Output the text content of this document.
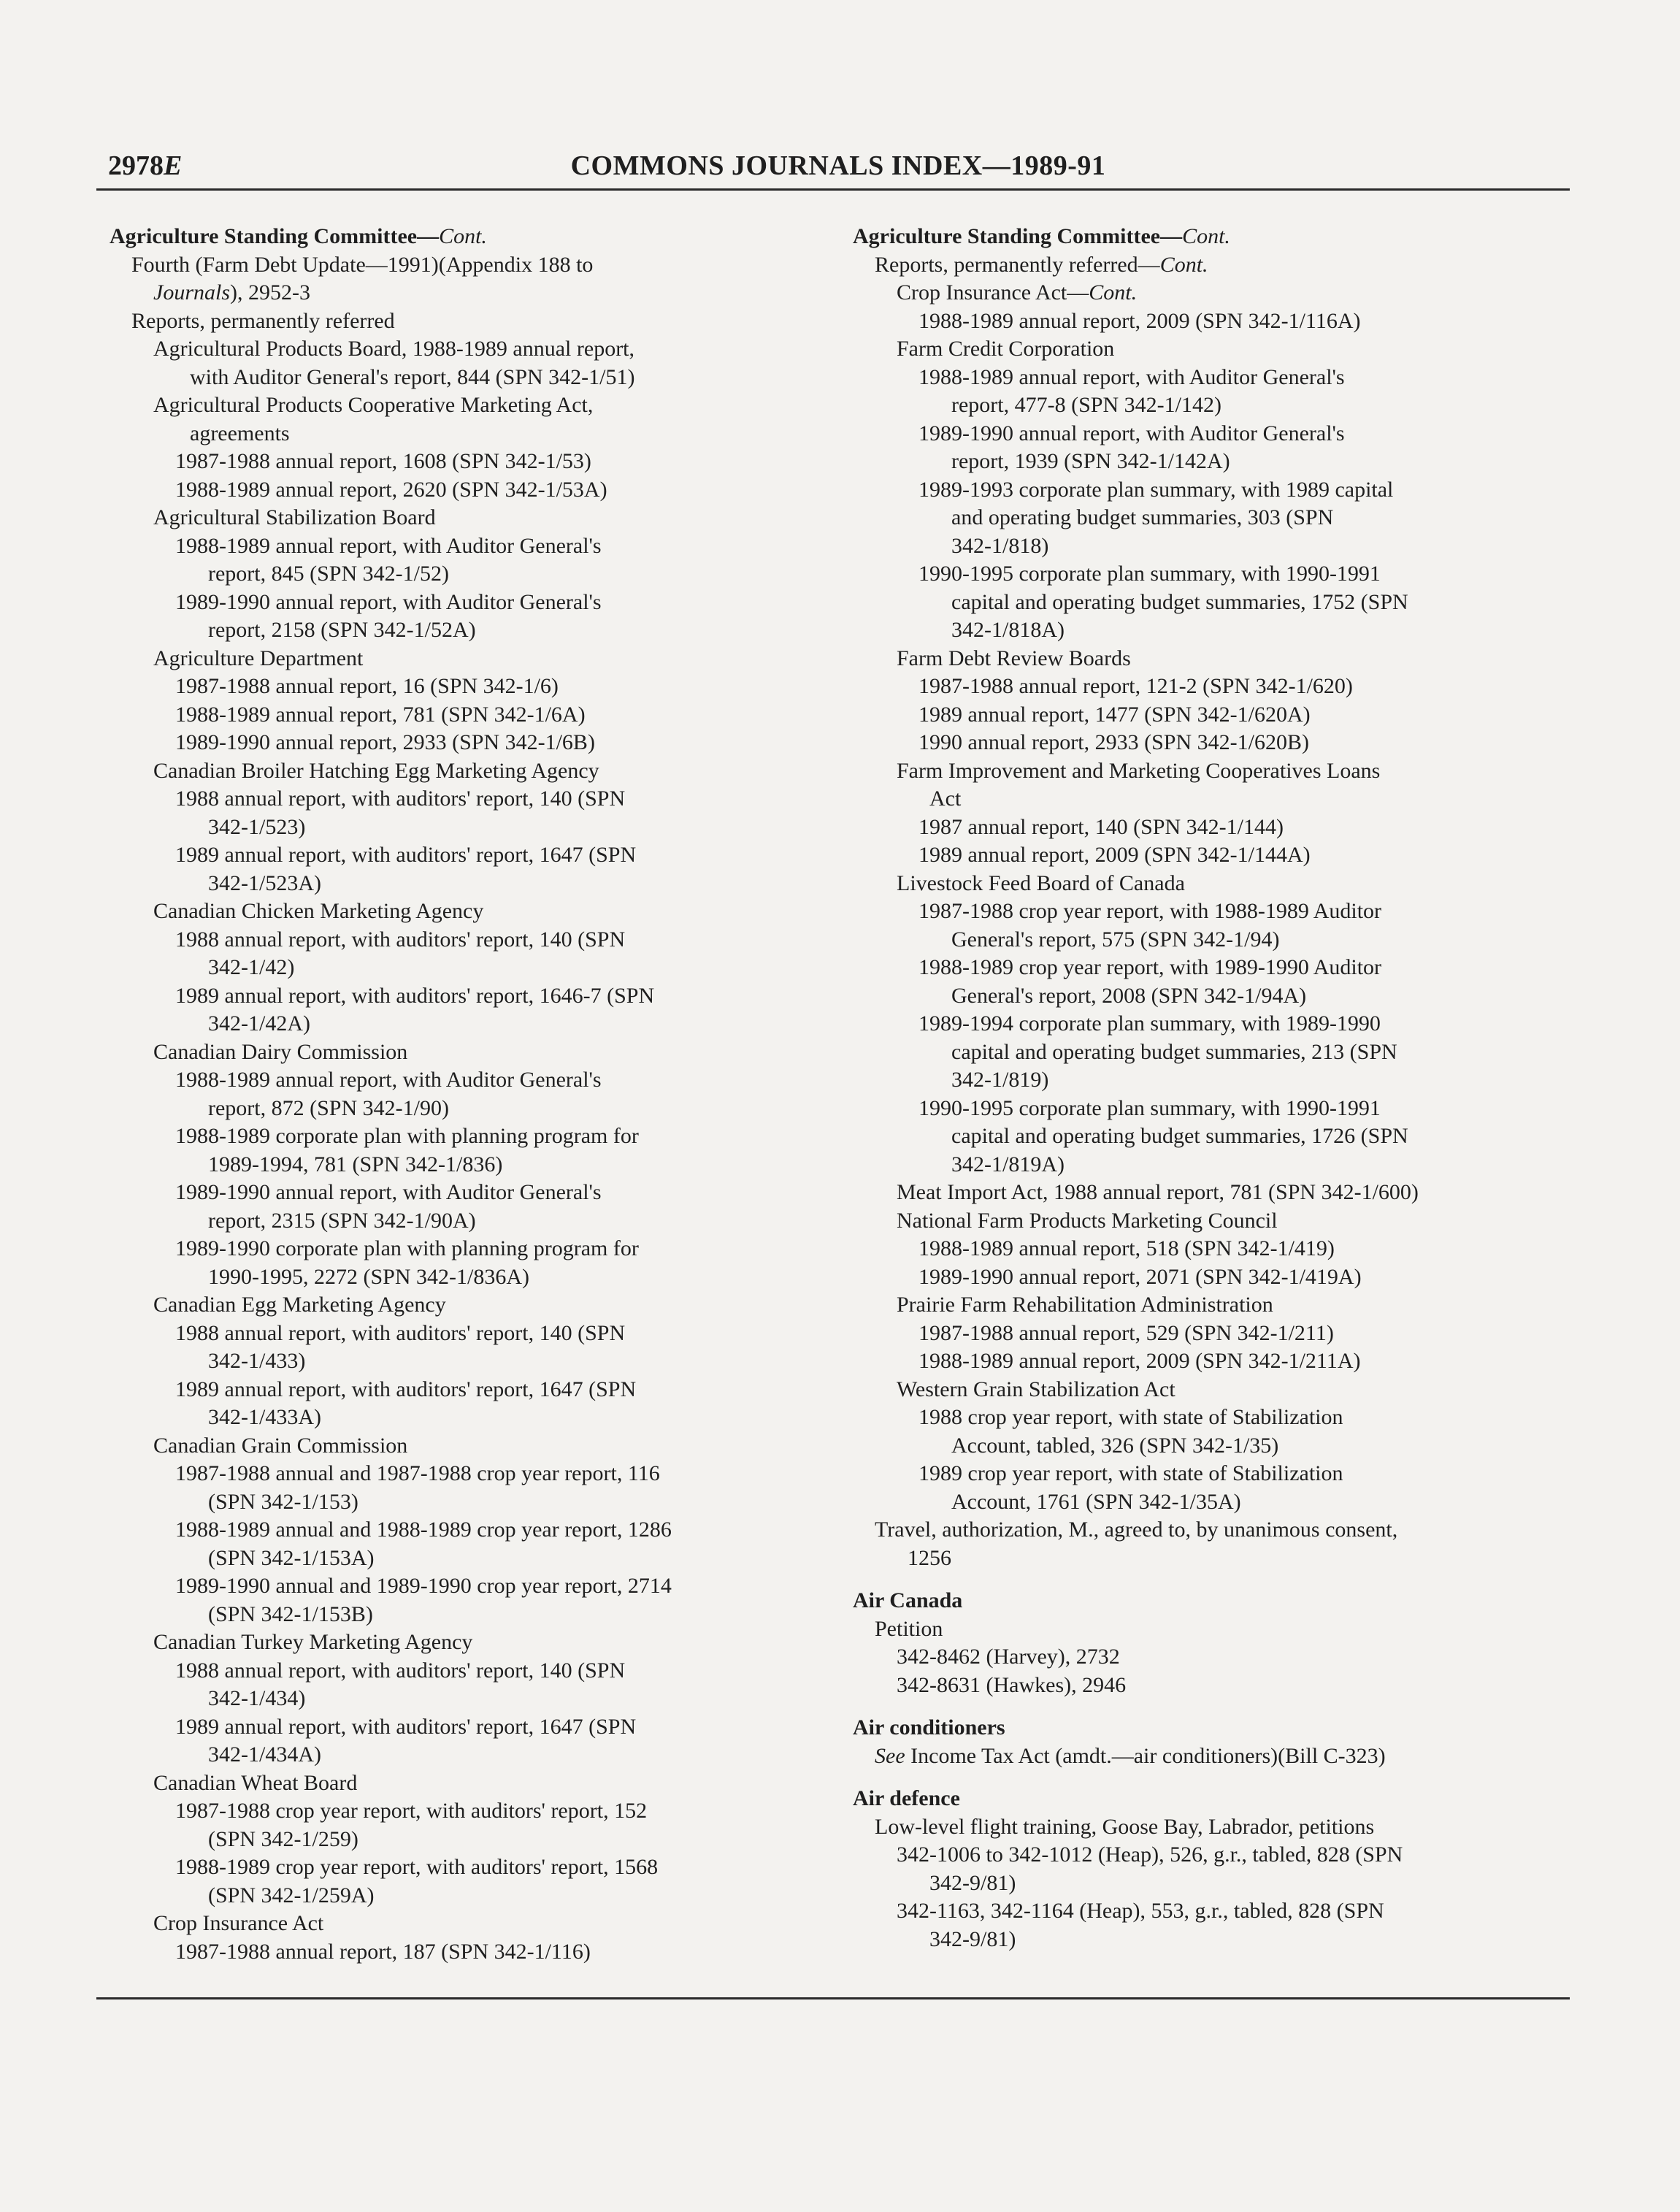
2978E	COMMONS JOURNALS INDEX—1989-91
Agriculture Standing Committee—Cont.
Fourth (Farm Debt Update—1991)(Appendix 188 to
Journals), 2952-3
Reports, permanently referred
Agricultural Products Board, 1988-1989 annual report,
with Auditor General's report, 844 (SPN 342-1/51)
Agricultural Products Cooperative Marketing Act,
agreements
1987-1988 annual report, 1608 (SPN 342-1/53)
1988-1989 annual report, 2620 (SPN 342-1/53A)
Agricultural Stabilization Board
1988-1989 annual report, with Auditor General's
report, 845 (SPN 342-1/52)
1989-1990 annual report, with Auditor General's
report, 2158 (SPN 342-1/52A)
Agriculture Department
1987-1988 annual report, 16 (SPN 342-1/6)
1988-1989 annual report, 781 (SPN 342-1/6A)
1989-1990 annual report, 2933 (SPN 342-1/6B)
Canadian Broiler Hatching Egg Marketing Agency
1988 annual report, with auditors' report, 140 (SPN
342-1/523)
1989 annual report, with auditors' report, 1647 (SPN
342-1/523A)
Canadian Chicken Marketing Agency
1988 annual report, with auditors' report, 140 (SPN
342-1/42)
1989 annual report, with auditors' report, 1646-7 (SPN
342-1/42A)
Canadian Dairy Commission
1988-1989 annual report, with Auditor General's
report, 872 (SPN 342-1/90)
1988-1989 corporate plan with planning program for
1989-1994, 781 (SPN 342-1/836)
1989-1990 annual report, with Auditor General's
report, 2315 (SPN 342-1/90A)
1989-1990 corporate plan with planning program for
1990-1995, 2272 (SPN 342-1/836A)
Canadian Egg Marketing Agency
1988 annual report, with auditors' report, 140 (SPN
342-1/433)
1989 annual report, with auditors' report, 1647 (SPN
342-1/433A)
Canadian Grain Commission
1987-1988 annual and 1987-1988 crop year report, 116
(SPN 342-1/153)
1988-1989 annual and 1988-1989 crop year report, 1286
(SPN 342-1/153A)
1989-1990 annual and 1989-1990 crop year report, 2714
(SPN 342-1/153B)
Canadian Turkey Marketing Agency
1988 annual report, with auditors' report, 140 (SPN
342-1/434)
1989 annual report, with auditors' report, 1647 (SPN
342-1/434A)
Canadian Wheat Board
1987-1988 crop year report, with auditors' report, 152
(SPN 342-1/259)
1988-1989 crop year report, with auditors' report, 1568
(SPN 342-1/259A)
Crop Insurance Act
1987-1988 annual report, 187 (SPN 342-1/116)
Agriculture Standing Committee—Cont.
Reports, permanently referred—Cont.
Crop Insurance Act—Cont.
1988-1989 annual report, 2009 (SPN 342-1/116A)
Farm Credit Corporation
1988-1989 annual report, with Auditor General's
report, 477-8 (SPN 342-1/142)
1989-1990 annual report, with Auditor General's
report, 1939 (SPN 342-1/142A)
1989-1993 corporate plan summary, with 1989 capital
and operating budget summaries, 303 (SPN
342-1/818)
1990-1995 corporate plan summary, with 1990-1991
capital and operating budget summaries, 1752 (SPN
342-1/818A)
Farm Debt Review Boards
1987-1988 annual report, 121-2 (SPN 342-1/620)
1989 annual report, 1477 (SPN 342-1/620A)
1990 annual report, 2933 (SPN 342-1/620B)
Farm Improvement and Marketing Cooperatives Loans
Act
1987 annual report, 140 (SPN 342-1/144)
1989 annual report, 2009 (SPN 342-1/144A)
Livestock Feed Board of Canada
1987-1988 crop year report, with 1988-1989 Auditor
General's report, 575 (SPN 342-1/94)
1988-1989 crop year report, with 1989-1990 Auditor
General's report, 2008 (SPN 342-1/94A)
1989-1994 corporate plan summary, with 1989-1990
capital and operating budget summaries, 213 (SPN
342-1/819)
1990-1995 corporate plan summary, with 1990-1991
capital and operating budget summaries, 1726 (SPN
342-1/819A)
Meat Import Act, 1988 annual report, 781 (SPN 342-1/600)
National Farm Products Marketing Council
1988-1989 annual report, 518 (SPN 342-1/419)
1989-1990 annual report, 2071 (SPN 342-1/419A)
Prairie Farm Rehabilitation Administration
1987-1988 annual report, 529 (SPN 342-1/211)
1988-1989 annual report, 2009 (SPN 342-1/211A)
Western Grain Stabilization Act
1988 crop year report, with state of Stabilization
Account, tabled, 326 (SPN 342-1/35)
1989 crop year report, with state of Stabilization
Account, 1761 (SPN 342-1/35A)
Travel, authorization, M., agreed to, by unanimous consent,
1256
Air Canada
Petition
342-8462 (Harvey), 2732
342-8631 (Hawkes), 2946
Air conditioners
See Income Tax Act (amdt.—air conditioners)(Bill C-323)
Air defence
Low-level flight training, Goose Bay, Labrador, petitions
342-1006 to 342-1012 (Heap), 526, g.r., tabled, 828 (SPN
342-9/81)
342-1163, 342-1164 (Heap), 553, g.r., tabled, 828 (SPN
342-9/81)
